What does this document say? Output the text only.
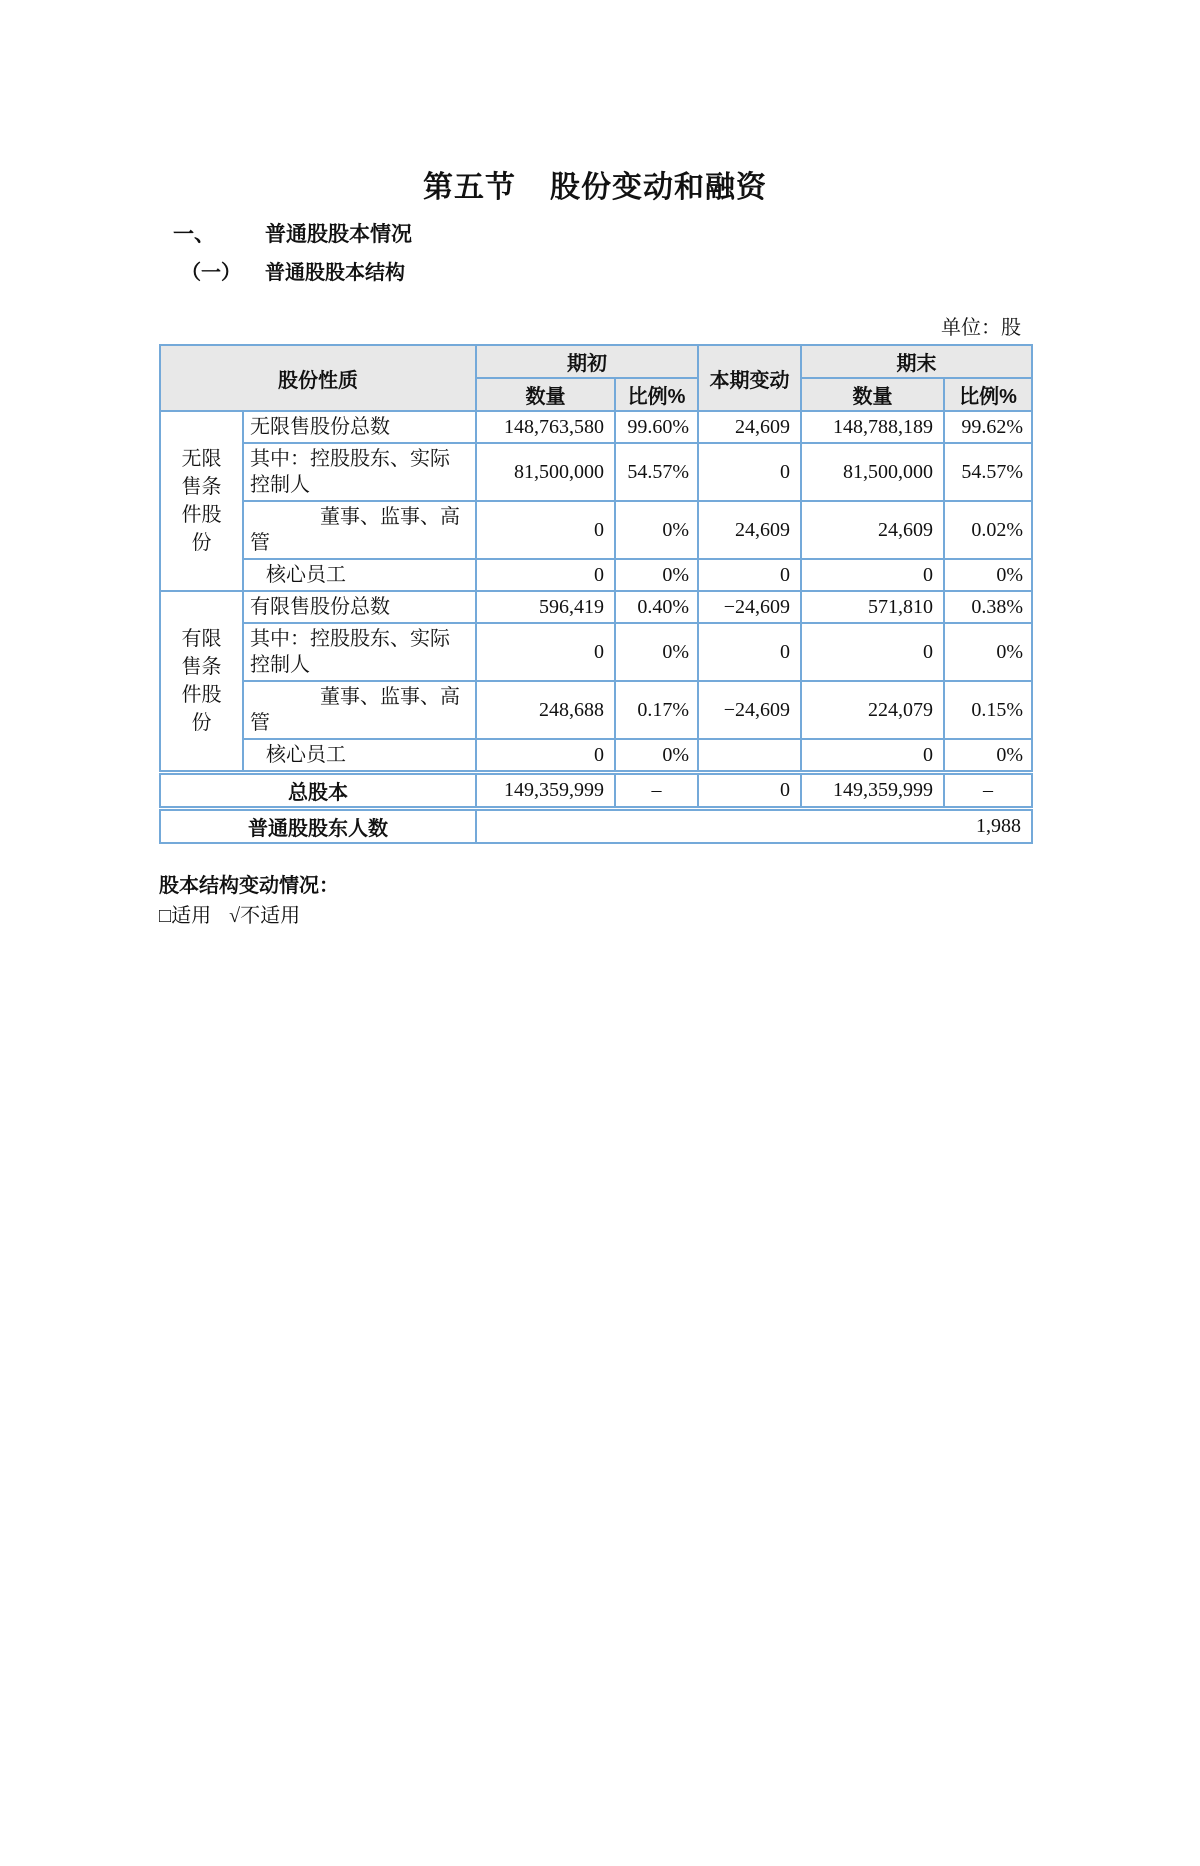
第五节 股份变动和融资
一、	普通股股本情况
（一）	普通股股本结构
单位：股
股份性质		期初		本期变动	期末	
		数量	比例%		数量	比例%
无限售条件股份	无限售股份总数	148,763,580	99.60%	24,609	148,788,189	99.62%
	其中：控股股东、实际控制人	81,500,000	54.57%	0	81,500,000	54.57%
	董事、监事、高管	0	0%	24,609	24,609	0.02%
	核心员工	0	0%	0	0	0%
有限售条件股份	有限售股份总数	596,419	0.40%	−24,609	571,810	0.38%
	其中：控股股东、实际控制人	0	0%	0	0	0%
	董事、监事、高管	248,688	0.17%	−24,609	224,079	0.15%
	核心员工	0	0%		0	0%
总股本		149,359,999	–	0	149,359,999	–
普通股股东人数		1,988				
股本结构变动情况：
□适用 √不适用
